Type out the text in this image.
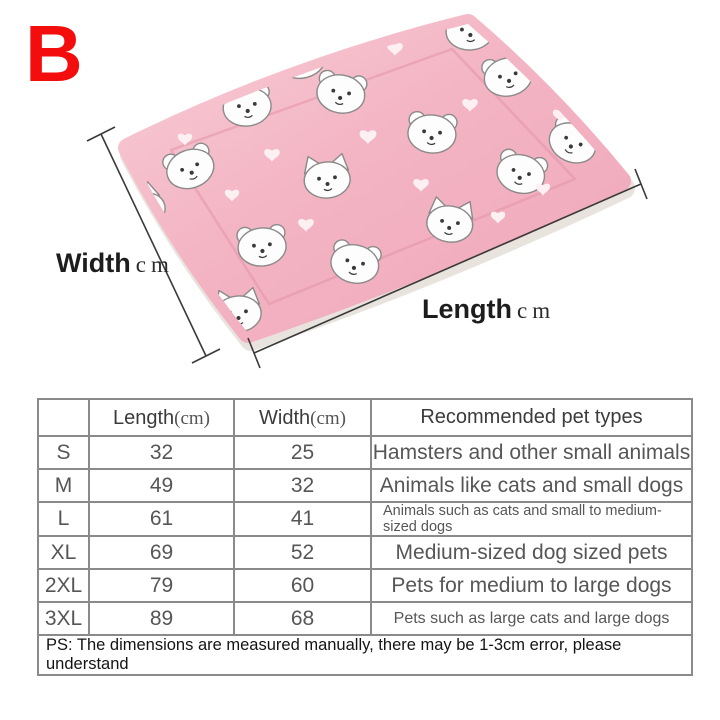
B
Width cm
Length cm
	Length(cm)	Width(cm)	Recommended pet types
S	32	25	Hamsters and other small animals
M	49	32	Animals like cats and small dogs
L	61	41	Animals such as cats and small to medium-sized dogs
XL	69	52	Medium-sized dog sized pets
2XL	79	60	Pets for medium to large dogs
3XL	89	68	Pets such as large cats and large dogs
PS: The dimensions are measured manually, there may be 1-3cm error, please understand			
